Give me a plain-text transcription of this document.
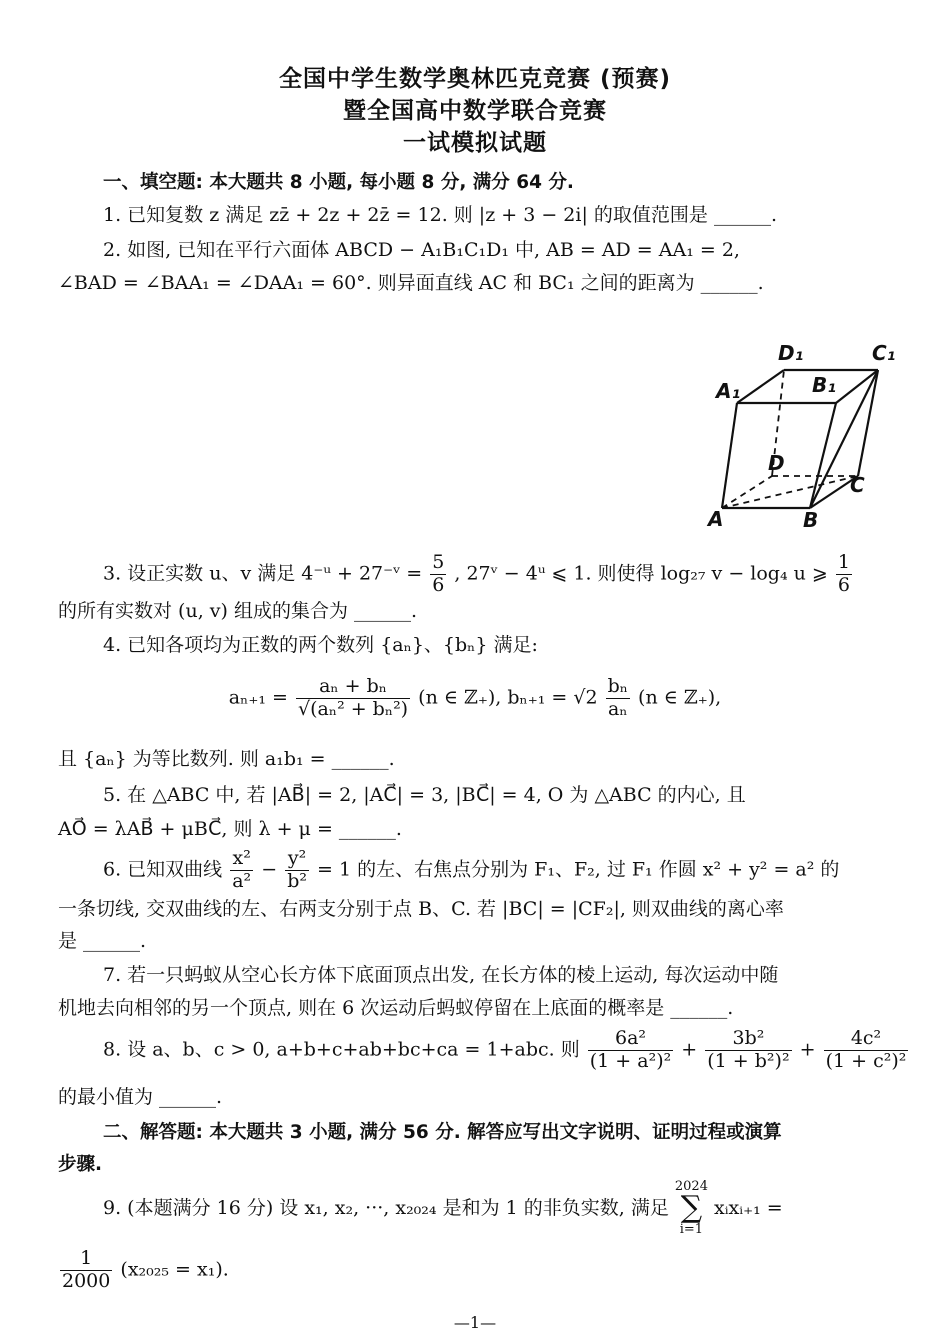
全国中学生数学奥林匹克竞赛 (预赛)
暨全国高中数学联合竞赛
一试模拟试题
一、填空题: 本大题共 8 小题, 每小题 8 分, 满分 64 分.
1. 已知复数 z 满足 zz̄ + 2z + 2z̄ = 12. 则 |z + 3 − 2i| 的取值范围是 ______.
2. 如图, 已知在平行六面体 ABCD − A₁B₁C₁D₁ 中, AB = AD = AA₁ = 2,
∠BAD = ∠BAA₁ = ∠DAA₁ = 60°. 则异面直线 AC 和 BC₁ 之间的距离为 ______.
A	B
C
D
A₁	B₁
C₁
D₁
3. 设正实数 u、v 满足 4⁻ᵘ + 27⁻ᵛ = $\frac{5}{6}$ , 27ᵛ − 4ᵘ ⩽ 1. 则使得 log₂₇ v − log₄ u ⩾ $\frac{1}{6}$
的所有实数对 (u, v) 组成的集合为 ______.
4. 已知各项均为正数的两个数列 {aₙ}、{bₙ} 满足:
$a_{n+1} = \frac{\text{aₙ + bₙ}}{\text{√(aₙ² + bₙ²)}} (n$ ∈ ℤ₊), $b_{n+1} = √2 \frac{\text{bₙ}}{\text{aₙ}} (n$ ∈ ℤ₊),
且 {aₙ} 为等比数列. 则 a₁b₁ = ______.
5. 在 △ABC 中, 若 |AB⃗| = 2, |AC⃗| = 3, |BC⃗| = 4, O 为 △ABC 的内心, 且
AO⃗ = λAB⃗ + μBC⃗, 则 λ + μ = ______.
6. 已知双曲线 $\frac{\text{x²}}{\text{a²}} - \frac{\text{y²}}{\text{b²}} = 1$ 的左、右焦点分别为 F₁、F₂, 过 F₁ 作圆 x² + y² = a² 的
一条切线, 交双曲线的左、右两支分别于点 B、C. 若 |BC| = |CF₂|, 则双曲线的离心率
是 ______.
7. 若一只蚂蚁从空心长方体下底面顶点出发, 在长方体的棱上运动, 每次运动中随
机地去向相邻的另一个顶点, 则在 6 次运动后蚂蚁停留在上底面的概率是 ______.
8. 设 a、b、c > 0, a+b+c+ab+bc+ca = 1+abc. 则 $\frac{\text{6a²}}{\text{(1 + a²)²}} + \frac{\text{3b²}}{\text{(1 + b²)²}} + \frac{\text{4c²}}{\text{(1 + c²)²}}$
的最小值为 ______.
二、解答题: 本大题共 3 小题, 满分 56 分. 解答应写出文字说明、证明过程或演算
步骤.
9. (本题满分 16 分) 设 x₁, x₂, ···, x₂₀₂₄ 是和为 1 的非负实数, 满足
2024
∑
i=1
xᵢxᵢ₊₁ =
$\frac{1}{2000} (x_{2025} = x_1)$.
—1—
